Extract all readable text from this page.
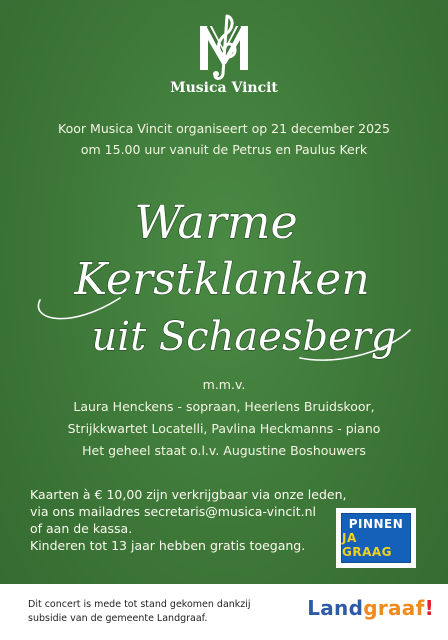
Musica Vincit
Koor Musica Vincit organiseert op 21 december 2025
om 15.00 uur vanuit de Petrus en Paulus Kerk
Warme
Kerstklanken
uit Schaesberg
m.m.v.
Laura Henckens - sopraan, Heerlens Bruidskoor,
Strijkkwartet Locatelli, Pavlina Heckmanns - piano
Het geheel staat o.l.v. Augustine Boshouwers
Kaarten à € 10,00 zijn verkrijgbaar via onze leden,
via ons mailadres secretaris@musica-vincit.nl
of aan de kassa.
Kinderen tot 13 jaar hebben gratis toegang.
PINNEN
JA GRAAG
Dit concert is mede tot stand gekomen dankzij
subsidie van de gemeente Landgraaf.	Landgraaf!
